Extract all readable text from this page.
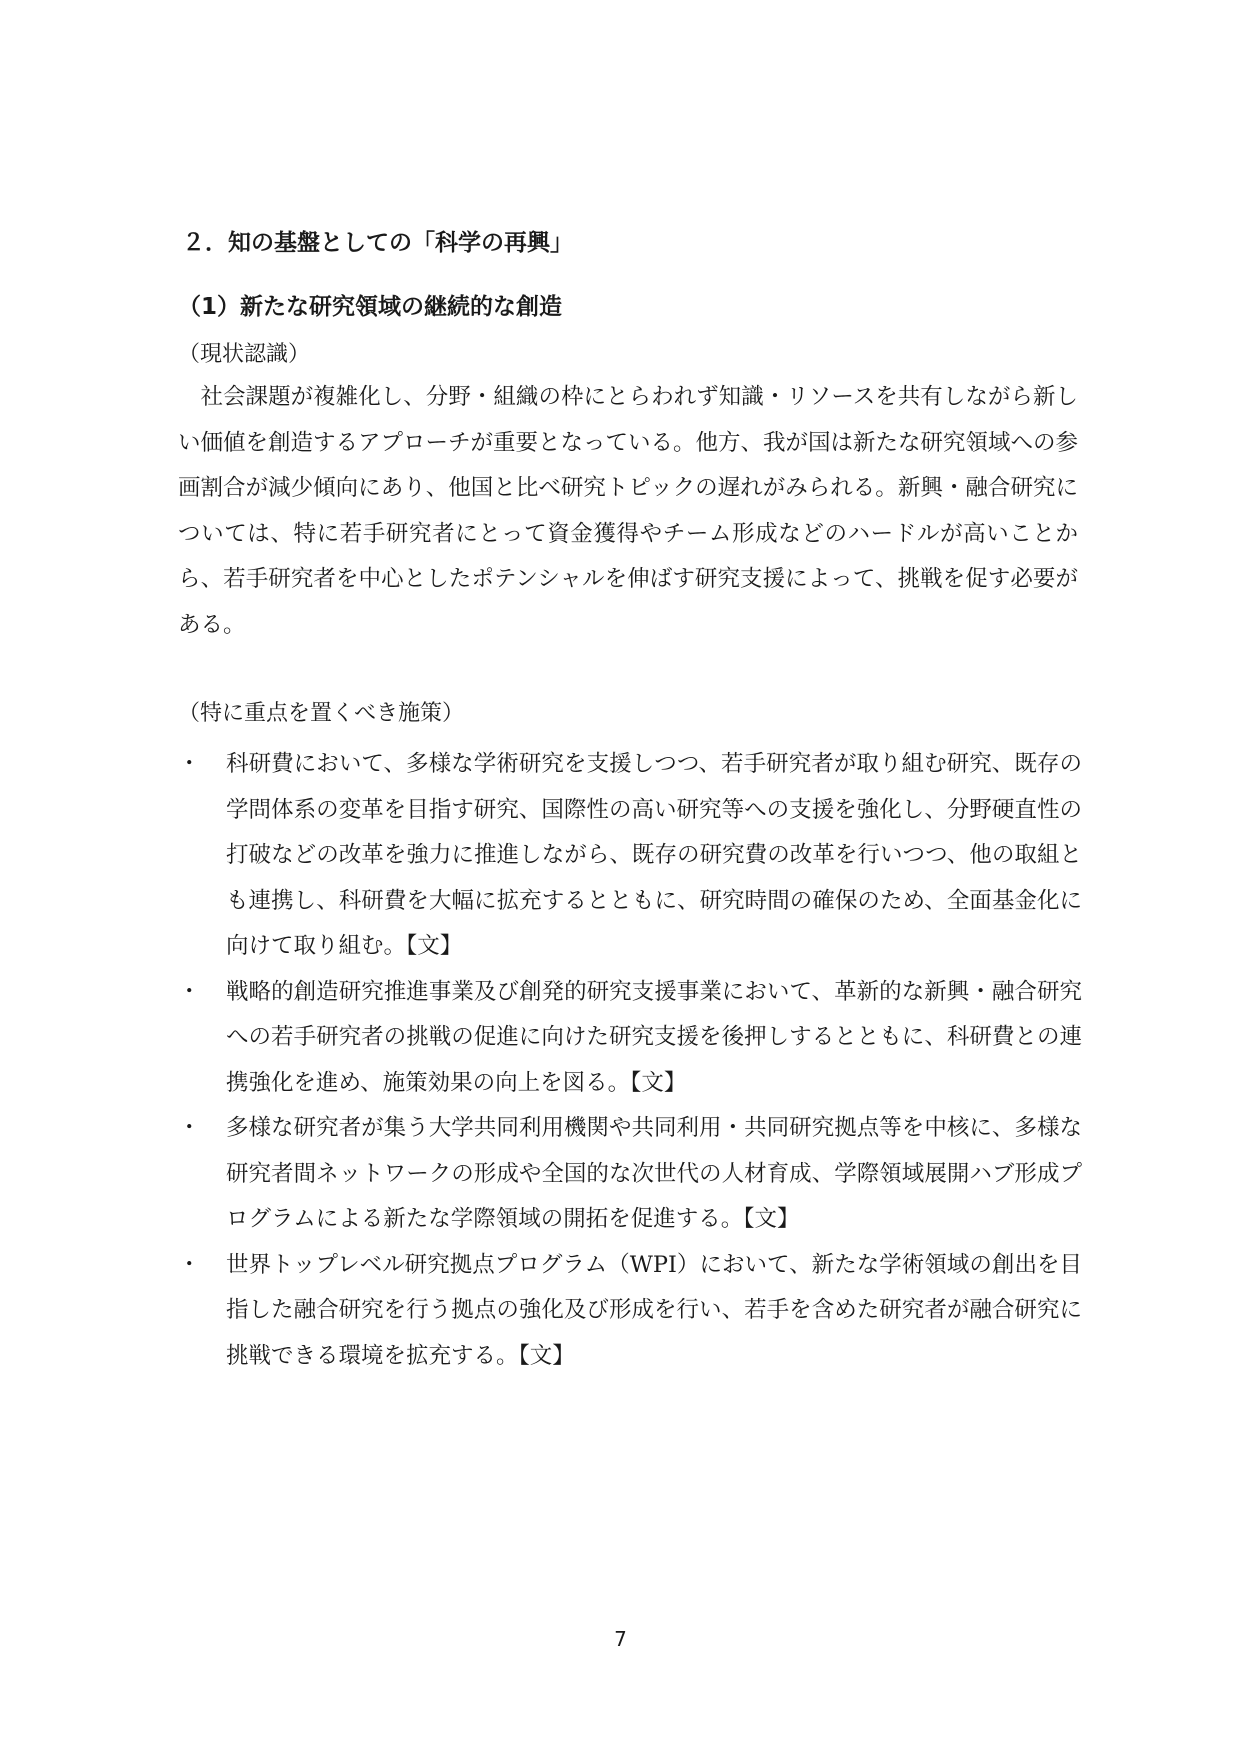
２．知の基盤としての「科学の再興」
（1）新たな研究領域の継続的な創造
（現状認識）
社会課題が複雑化し、分野・組織の枠にとらわれず知識・リソースを共有しながら新しい価値を創造するアプローチが重要となっている。他方、我が国は新たな研究領域への参画割合が減少傾向にあり、他国と比べ研究トピックの遅れがみられる。新興・融合研究については、特に若手研究者にとって資金獲得やチーム形成などのハードルが高いことから、若手研究者を中心としたポテンシャルを伸ばす研究支援によって、挑戦を促す必要がある。
（特に重点を置くべき施策）
・ 科研費において、多様な学術研究を支援しつつ、若手研究者が取り組む研究、既存の学問体系の変革を目指す研究、国際性の高い研究等への支援を強化し、分野硬直性の打破などの改革を強力に推進しながら、既存の研究費の改革を行いつつ、他の取組とも連携し、科研費を大幅に拡充するとともに、研究時間の確保のため、全面基金化に向けて取り組む。【文】
・ 戦略的創造研究推進事業及び創発的研究支援事業において、革新的な新興・融合研究への若手研究者の挑戦の促進に向けた研究支援を後押しするとともに、科研費との連携強化を進め、施策効果の向上を図る。【文】
・ 多様な研究者が集う大学共同利用機関や共同利用・共同研究拠点等を中核に、多様な研究者間ネットワークの形成や全国的な次世代の人材育成、学際領域展開ハブ形成プログラムによる新たな学際領域の開拓を促進する。【文】
・ 世界トップレベル研究拠点プログラム（WPI）において、新たな学術領域の創出を目指した融合研究を行う拠点の強化及び形成を行い、若手を含めた研究者が融合研究に挑戦できる環境を拡充する。【文】
7
